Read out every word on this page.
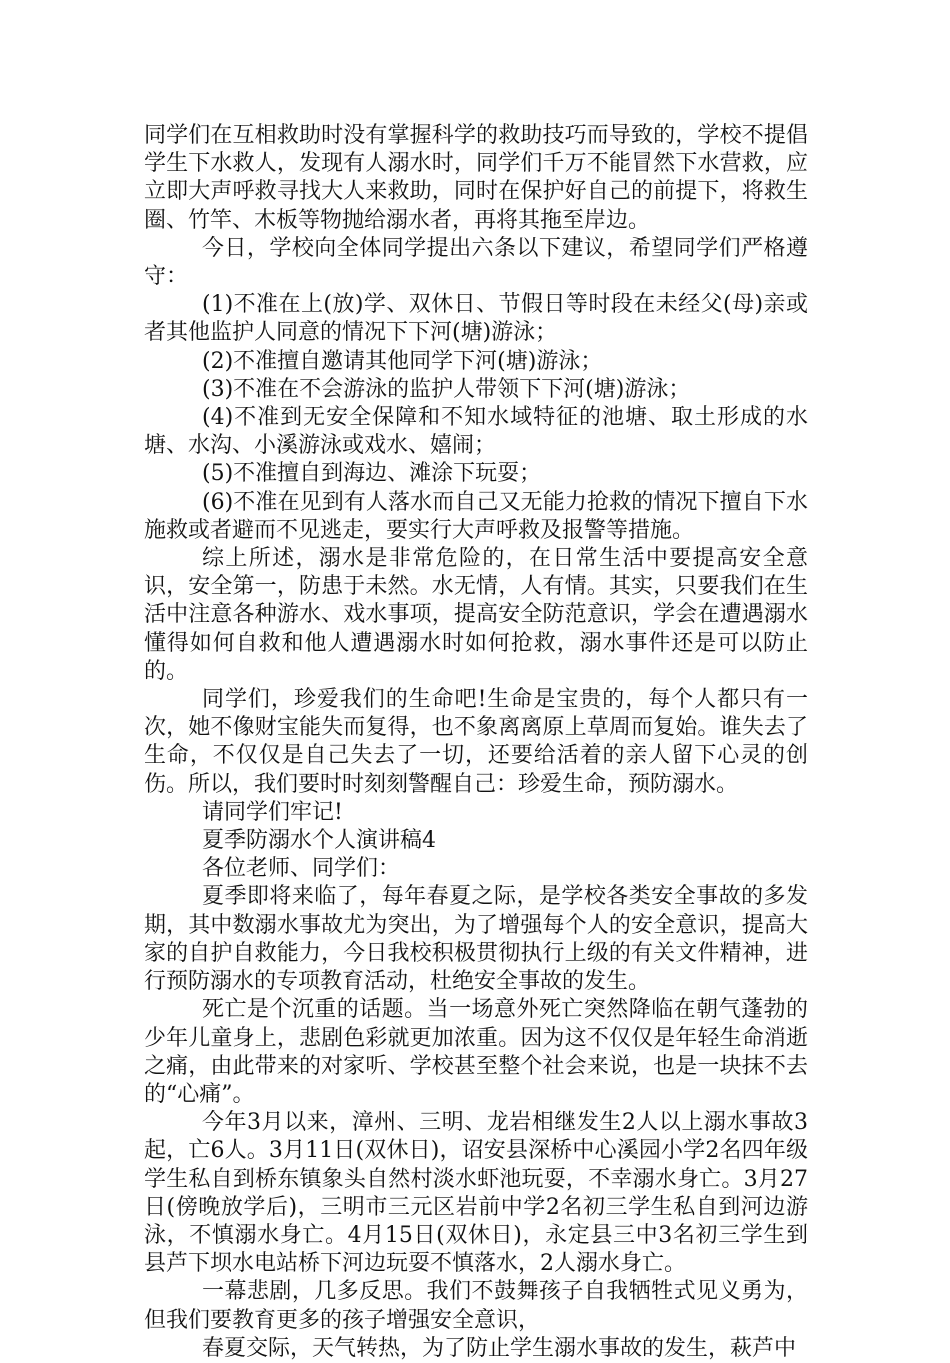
同学们在互相救助时没有掌握科学的救助技巧而导致的，学校不提倡学生下水救人，发现有人溺水时，同学们千万不能冒然下水营救，应立即大声呼救寻找大人来救助，同时在保护好自己的前提下，将救生圈、竹竿、木板等物抛给溺水者，再将其拖至岸边。

今日，学校向全体同学提出六条以下建议，希望同学们严格遵守：

(1)不准在上(放)学、双休日、节假日等时段在未经父(母)亲或者其他监护人同意的情况下下河(塘)游泳；

(2)不准擅自邀请其他同学下河(塘)游泳；

(3)不准在不会游泳的监护人带领下下河(塘)游泳；

(4)不准到无安全保障和不知水域特征的池塘、取土形成的水塘、水沟、小溪游泳或戏水、嬉闹；

(5)不准擅自到海边、滩涂下玩耍；

(6)不准在见到有人落水而自己又无能力抢救的情况下擅自下水施救或者避而不见逃走，要实行大声呼救及报警等措施。

综上所述，溺水是非常危险的，在日常生活中要提高安全意识，安全第一，防患于未然。水无情，人有情。其实，只要我们在生活中注意各种游水、戏水事项，提高安全防范意识，学会在遭遇溺水懂得如何自救和他人遭遇溺水时如何抢救，溺水事件还是可以防止的。

同学们，珍爱我们的生命吧!生命是宝贵的，每个人都只有一次，她不像财宝能失而复得，也不象离离原上草周而复始。谁失去了生命，不仅仅是自己失去了一切，还要给活着的亲人留下心灵的创伤。所以，我们要时时刻刻警醒自己：珍爱生命，预防溺水。

请同学们牢记!

夏季防溺水个人演讲稿4

各位老师、同学们：

夏季即将来临了，每年春夏之际，是学校各类安全事故的多发期，其中数溺水事故尤为突出，为了增强每个人的安全意识，提高大家的自护自救能力，今日我校积极贯彻执行上级的有关文件精神，进行预防溺水的专项教育活动，杜绝安全事故的发生。

死亡是个沉重的话题。当一场意外死亡突然降临在朝气蓬勃的少年儿童身上，悲剧色彩就更加浓重。因为这不仅仅是年轻生命消逝之痛，由此带来的对家听、学校甚至整个社会来说，也是一块抹不去的“心痛”。

今年3月以来，漳州、三明、龙岩相继发生2人以上溺水事故3起，亡6人。3月11日(双休日)，诏安县深桥中心溪园小学2名四年级学生私自到桥东镇象头自然村淡水虾池玩耍，不幸溺水身亡。3月27日(傍晚放学后)，三明市三元区岩前中学2名初三学生私自到河边游泳，不慎溺水身亡。4月15日(双休日)，永定县三中3名初三学生到县芦下坝水电站桥下河边玩耍不慎落水，2人溺水身亡。

一幕悲剧，几多反思。我们不鼓舞孩子自我牺牲式见义勇为，但我们要教育更多的孩子增强安全意识，

春夏交际，天气转热，为了防止学生溺水事故的发生，萩芦中
